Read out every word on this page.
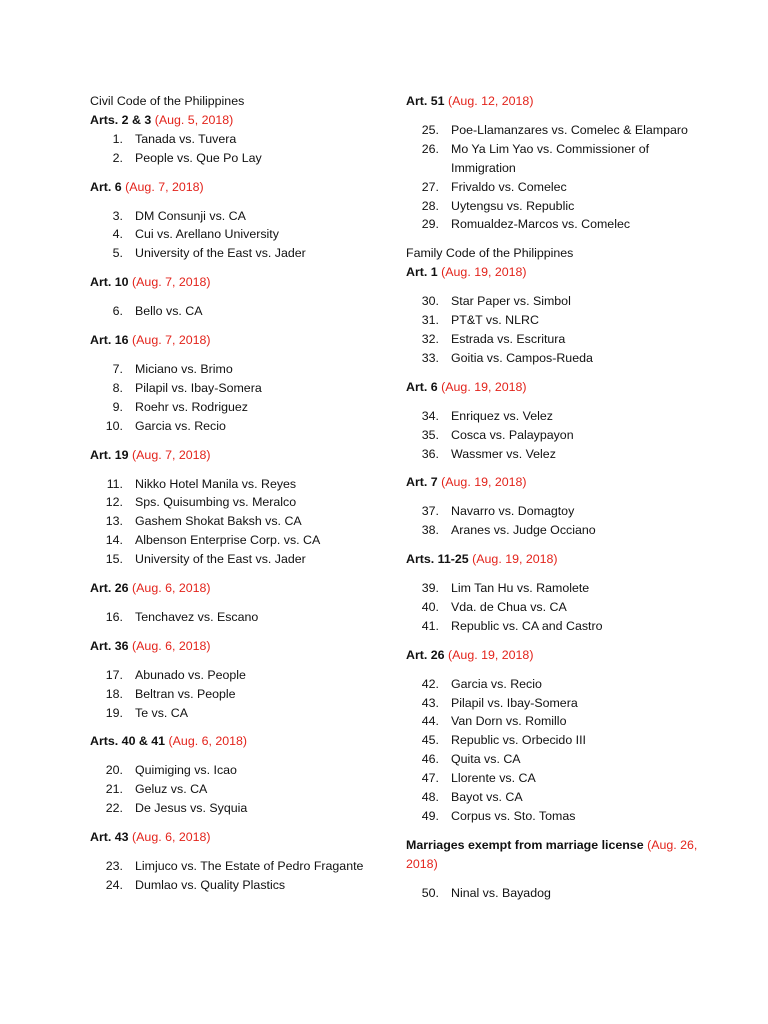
Civil Code of the Philippines

Arts. 2 & 3 (Aug. 5, 2018)

1. Tanada vs. Tuvera
2. People vs. Que Po Lay

Art. 6 (Aug. 7, 2018)

3. DM Consunji vs. CA
4. Cui vs. Arellano University
5. University of the East vs. Jader

Art. 10 (Aug. 7, 2018)

6. Bello vs. CA

Art. 16 (Aug. 7, 2018)

7. Miciano vs. Brimo
8. Pilapil vs. Ibay-Somera
9. Roehr vs. Rodriguez
10. Garcia vs. Recio

Art. 19 (Aug. 7, 2018)

11. Nikko Hotel Manila vs. Reyes
12. Sps. Quisumbing vs. Meralco
13. Gashem Shokat Baksh vs. CA
14. Albenson Enterprise Corp. vs. CA
15. University of the East vs. Jader

Art. 26 (Aug. 6, 2018)

16. Tenchavez vs. Escano

Art. 36 (Aug. 6, 2018)

17. Abunado vs. People
18. Beltran vs. People
19. Te vs. CA

Arts. 40 & 41 (Aug. 6, 2018)

20. Quimiging vs. Icao
21. Geluz vs. CA
22. De Jesus vs. Syquia

Art. 43 (Aug. 6, 2018)

23. Limjuco vs. The Estate of Pedro Fragante
24. Dumlao vs. Quality Plastics

Art. 51 (Aug. 12, 2018)

25. Poe-Llamanzares vs. Comelec & Elamparo
26. Mo Ya Lim Yao vs. Commissioner of Immigration
27. Frivaldo vs. Comelec
28. Uytengsu vs. Republic
29. Romualdez-Marcos vs. Comelec

Family Code of the Philippines

Art. 1 (Aug. 19, 2018)

30. Star Paper vs. Simbol
31. PT&T vs. NLRC
32. Estrada vs. Escritura
33. Goitia vs. Campos-Rueda

Art. 6 (Aug. 19, 2018)

34. Enriquez vs. Velez
35. Cosca vs. Palaypayon
36. Wassmer vs. Velez

Art. 7 (Aug. 19, 2018)

37. Navarro vs. Domagtoy
38. Aranes vs. Judge Occiano

Arts. 11-25 (Aug. 19, 2018)

39. Lim Tan Hu vs. Ramolete
40. Vda. de Chua vs. CA
41. Republic vs. CA and Castro

Art. 26 (Aug. 19, 2018)

42. Garcia vs. Recio
43. Pilapil vs. Ibay-Somera
44. Van Dorn vs. Romillo
45. Republic vs. Orbecido III
46. Quita vs. CA
47. Llorente vs. CA
48. Bayot vs. CA
49. Corpus vs. Sto. Tomas

Marriages exempt from marriage license (Aug. 26, 2018)

50. Ninal vs. Bayadog
